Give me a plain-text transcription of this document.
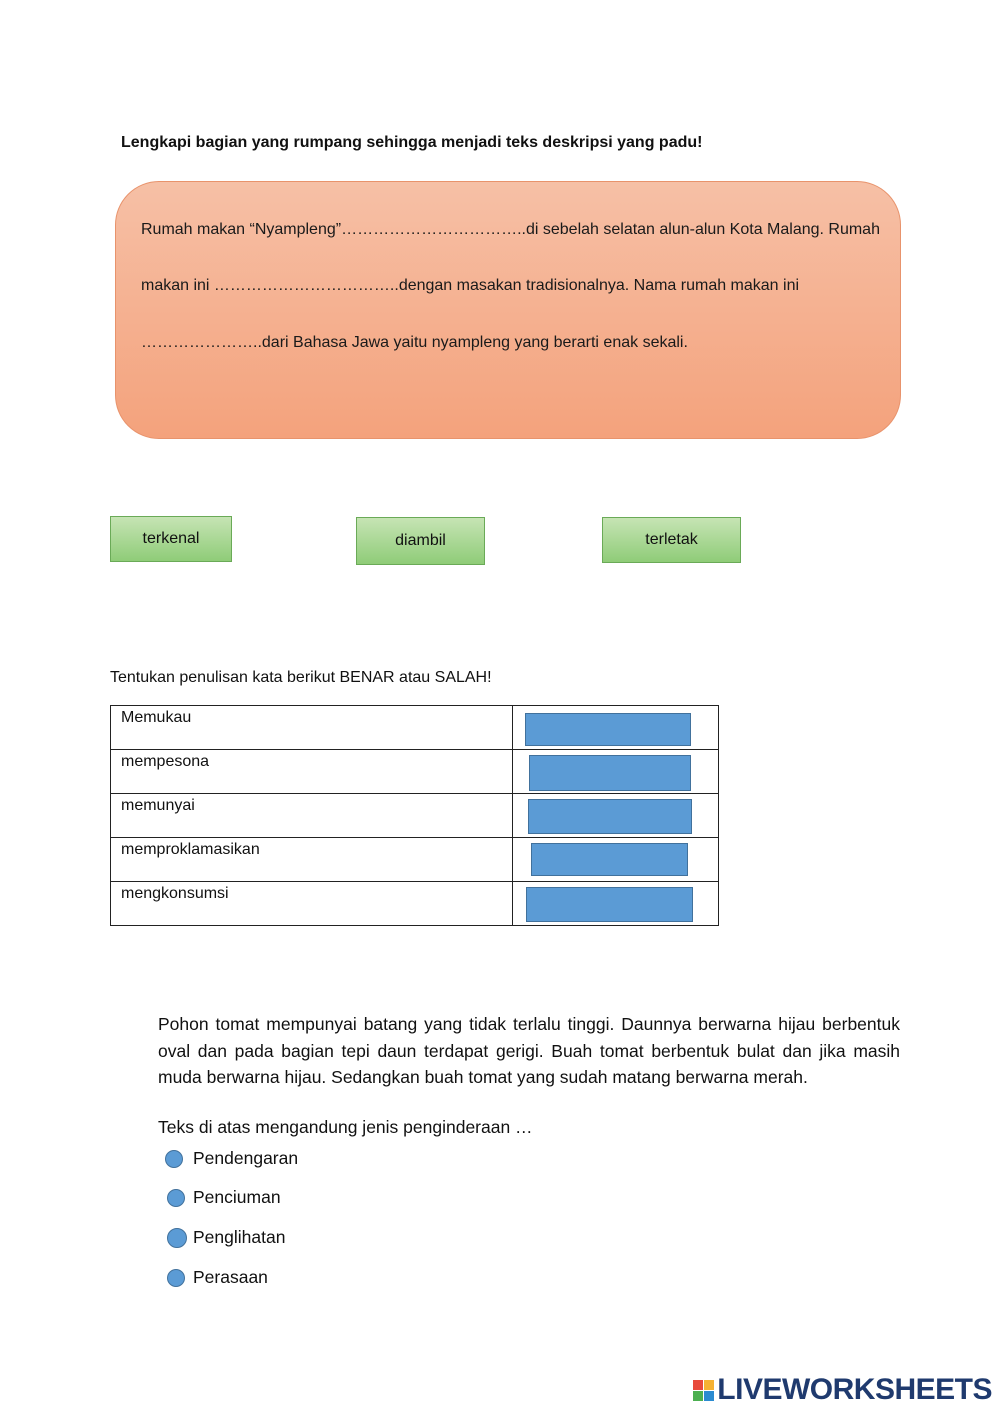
Lengkapi bagian yang rumpang sehingga menjadi teks deskripsi yang padu!
Rumah makan “Nyampleng”……………………………..di sebelah selatan alun-alun Kota Malang. Rumah
makan ini ……………………………..dengan masakan tradisionalnya. Nama rumah makan ini
…………………..dari Bahasa Jawa yaitu nyampleng yang berarti enak sekali.
terkenal	diambil	terletak
Tentukan penulisan kata berikut BENAR atau SALAH!
Memukau	

mempesona	

memunyai	

memproklamasikan	

mengkonsumsi	
Pohon tomat mempunyai batang yang tidak terlalu tinggi. Daunnya berwarna hijau berbentuk oval dan pada bagian tepi daun terdapat gerigi. Buah tomat berbentuk bulat dan jika masih muda berwarna hijau. Sedangkan buah tomat yang sudah matang berwarna merah.
Teks di atas mengandung jenis penginderaan …
Pendengaran
Penciuman
Penglihatan
Perasaan
LIVEWORKSHEETS
